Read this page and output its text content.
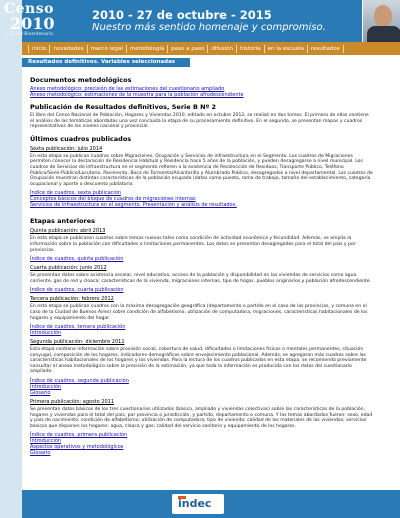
Censo
2010
Año del Bicentenario
2010 - 27 de octubre - 2015
Nuestro más sentido homenaje y compromiso.
inicio	novedades	marco legal	metodología	paso a paso	difusión	historia	en la escuela	resultados
Resultados definitivos. Variables seleccionadas
Documentos metodológicos
Anexo metodológico: precisión de las estimaciones del cuestionario ampliado
Anexo metodológico: estimaciones de la muestra para la población afrodescendiente
Publicación de Resultados definitivos, Serie B Nº 2
El libro del Censo Nacional de Población, Hogares y Viviendas 2010, editado en octubre 2012, se realizó en dos tomos. El primero de ellos contiene el análisis de las temáticas abordadas una vez concluida la etapa de su procesamiento definitivo. En el segundo, se presentan mapas y cuadros representativos de los niveles nacional y provincial.
Últimos cuadros publicados
Sexta publicación: julio 2014
En esta etapa se publican cuadros sobre Migraciones, Ocupación y Servicios de infraestructura en el Segmento. Los cuadros de Migraciones permiten conocer la declaración de Residencia Habitual y Residencia hace 5 años de la población, y pueden desagregarse a nivel municipal. Los cuadros de Servicios de infraestructura en el segmento refieren a la existencia de Recolección de Residuos, Transporte Público, Teléfono Público/Semi-Público/Locutorio, Pavimento, Boca de Tormenta/Alcantarilla y Alumbrado Público, desagregados a nivel departamental. Los cuadros de Ocupación muestran distintas características de la población ocupada (datos como puesto, rama de trabajo, tamaño del establecimiento, categoría ocupacional y aporte o descuento jubilatorio.
Índice de cuadros, sexta publicación
Conceptos básicos del bloque de cuadros de migraciones internas
Servicios de infraestructura en el segmento. Presentación y análisis de resultados.
Etapas anteriores
Quinta publicación: abril 2013
En esta etapa se publicaron cuadros sobre temas nuevos tales como condición de actividad económica y fecundidad. Además, se amplía la información sobre la población con dificultades o limitaciones permanentes. Los datos se presentan desagregados para el total del país y por provincias.
Índice de cuadros, quinta publicación
Cuarta publicación: junio 2012
Se presentan datos sobre asistencia escolar, nivel educativo, acceso de la población y disponibilidad en las viviendas de servicios como agua corriente, gas de red y cloaca; características de la vivienda, migraciones internas, tipo de hogar, pueblos originarios y población afrodescendiente.
Índice de cuadros, cuarta publicación
Tercera publicación: febrero 2012
En esta etapa se publican cuadros con la máxima desagregación geográfica (departamento o partido en el caso de las provincias, y comuna en el caso de la Ciudad de Buenos Aires) sobre condición de alfabetismo, utilización de computadora, migraciones, características habitacionales de los hogares y equipamiento del hogar.
Índice de cuadros, tercera publicación
Introducción
Segunda publicación: diciembre 2011
Esta etapa contiene información sobre provisión social, cobertura de salud, dificultades o limitaciones físicas o mentales permanentes, situación conyugal, composición de los hogares, indicadores demográficos sobre envejecimiento poblacional. Además, se agregaron más cuadros sobre las características habitacionales de los hogares y las viviendas. Para la lectura de los cuadros publicados en esta etapa, se recomienda previamente consultar el anexo metodológico sobre la precisión de la estimación, ya que toda la información es producida con los datos del cuestionario ampliado.
Índice de cuadros, segunda publicación
Introducción
Glosario
Primera publicación: agosto 2011
Se presentan datos básicos de los tres cuestionarios utilizados (básico, ampliado y viviendas colectivas) sobre las características de la población, hogares y viviendas para el total del país, por provincia o jurisdicción, y partido, departamento o comuna. Y los temas abordados fueron: sexo, edad y país de nacimiento; condición de alfabetismo; utilización de computadora; tipo de vivienda; calidad de los materiales de las viviendas; servicios básicos que disponen los hogares: agua, cloaca y gas; calidad del servicio sanitario y equipamiento de los hogares.
Índice de cuadros, primera publicación
Introducción
Aspectos operativos y metodológicos
Glosario
indec
